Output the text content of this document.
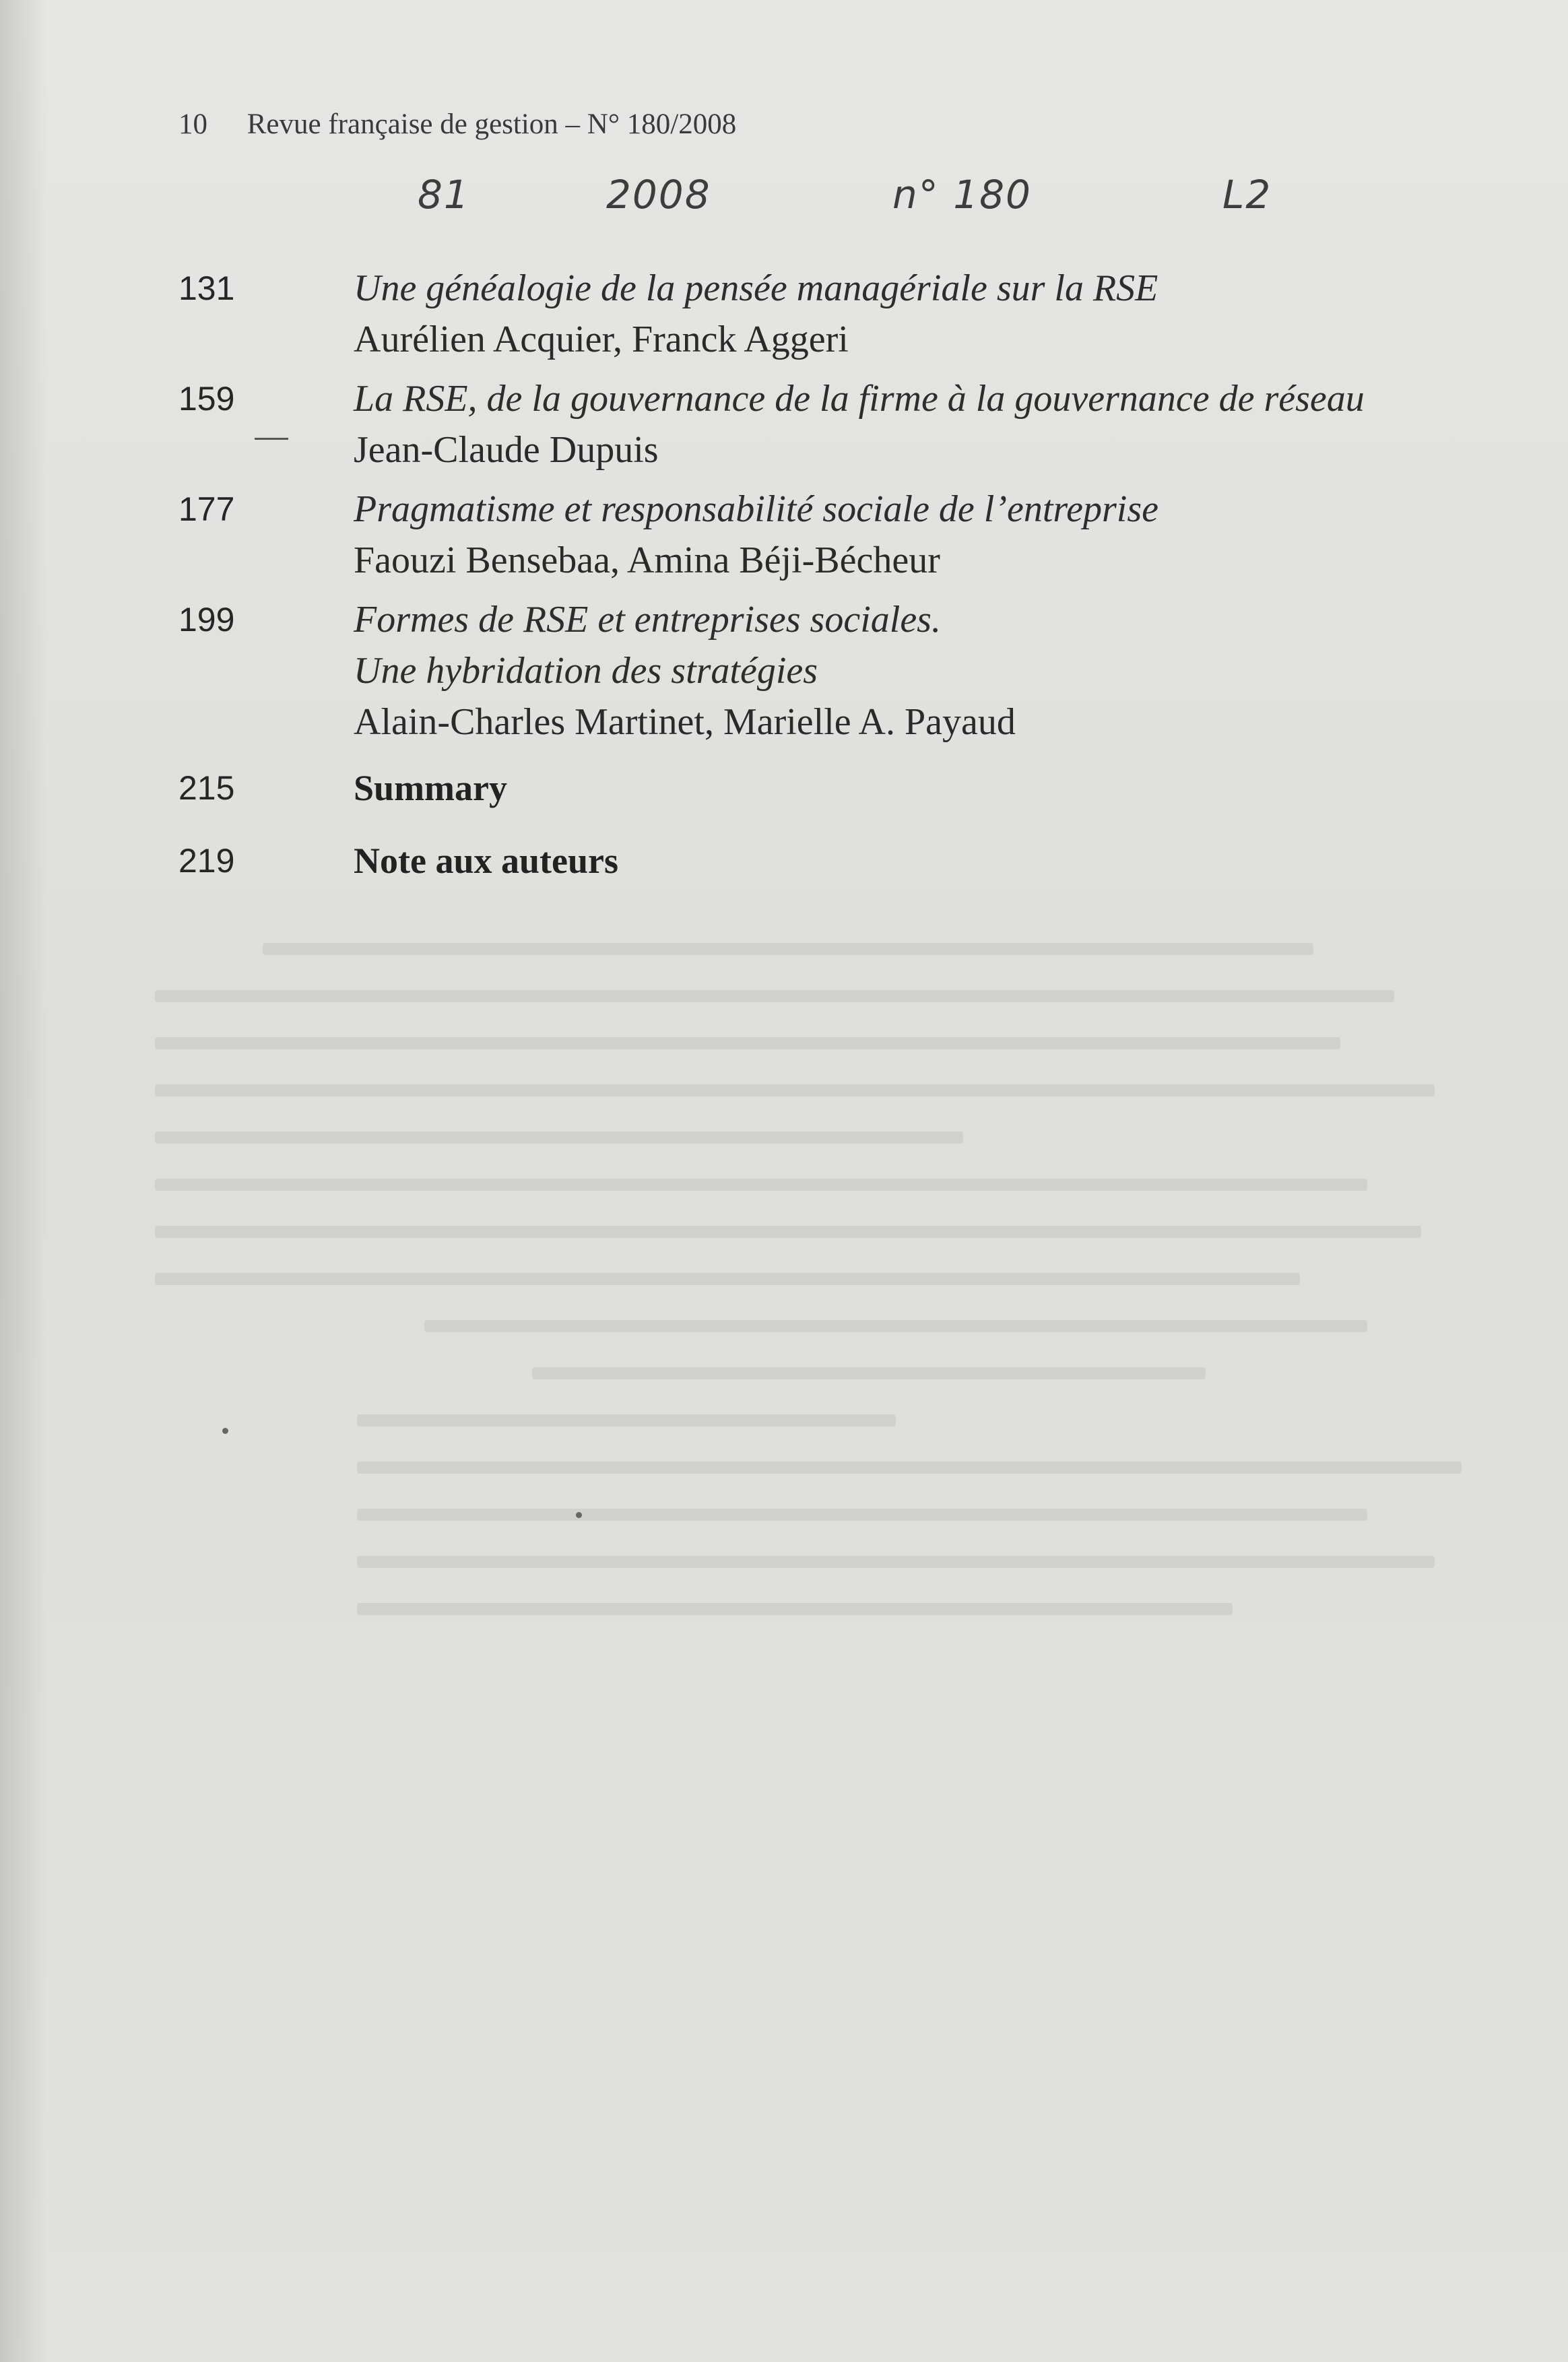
10 Revue française de gestion – N° 180/2008
81	2008	n° 180	L2
131	Une généalogie de la pensée managériale sur la RSE
Aurélien Acquier, Franck Aggeri
159	La RSE, de la gouvernance de la firme à la gouvernance de réseau
Jean-Claude Dupuis
177	Pragmatisme et responsabilité sociale de l’entreprise
Faouzi Bensebaa, Amina Béji-Bécheur
199	Formes de RSE et entreprises sociales.
Une hybridation des stratégies
Alain-Charles Martinet, Marielle A. Payaud
215	Summary
219	Note aux auteurs
